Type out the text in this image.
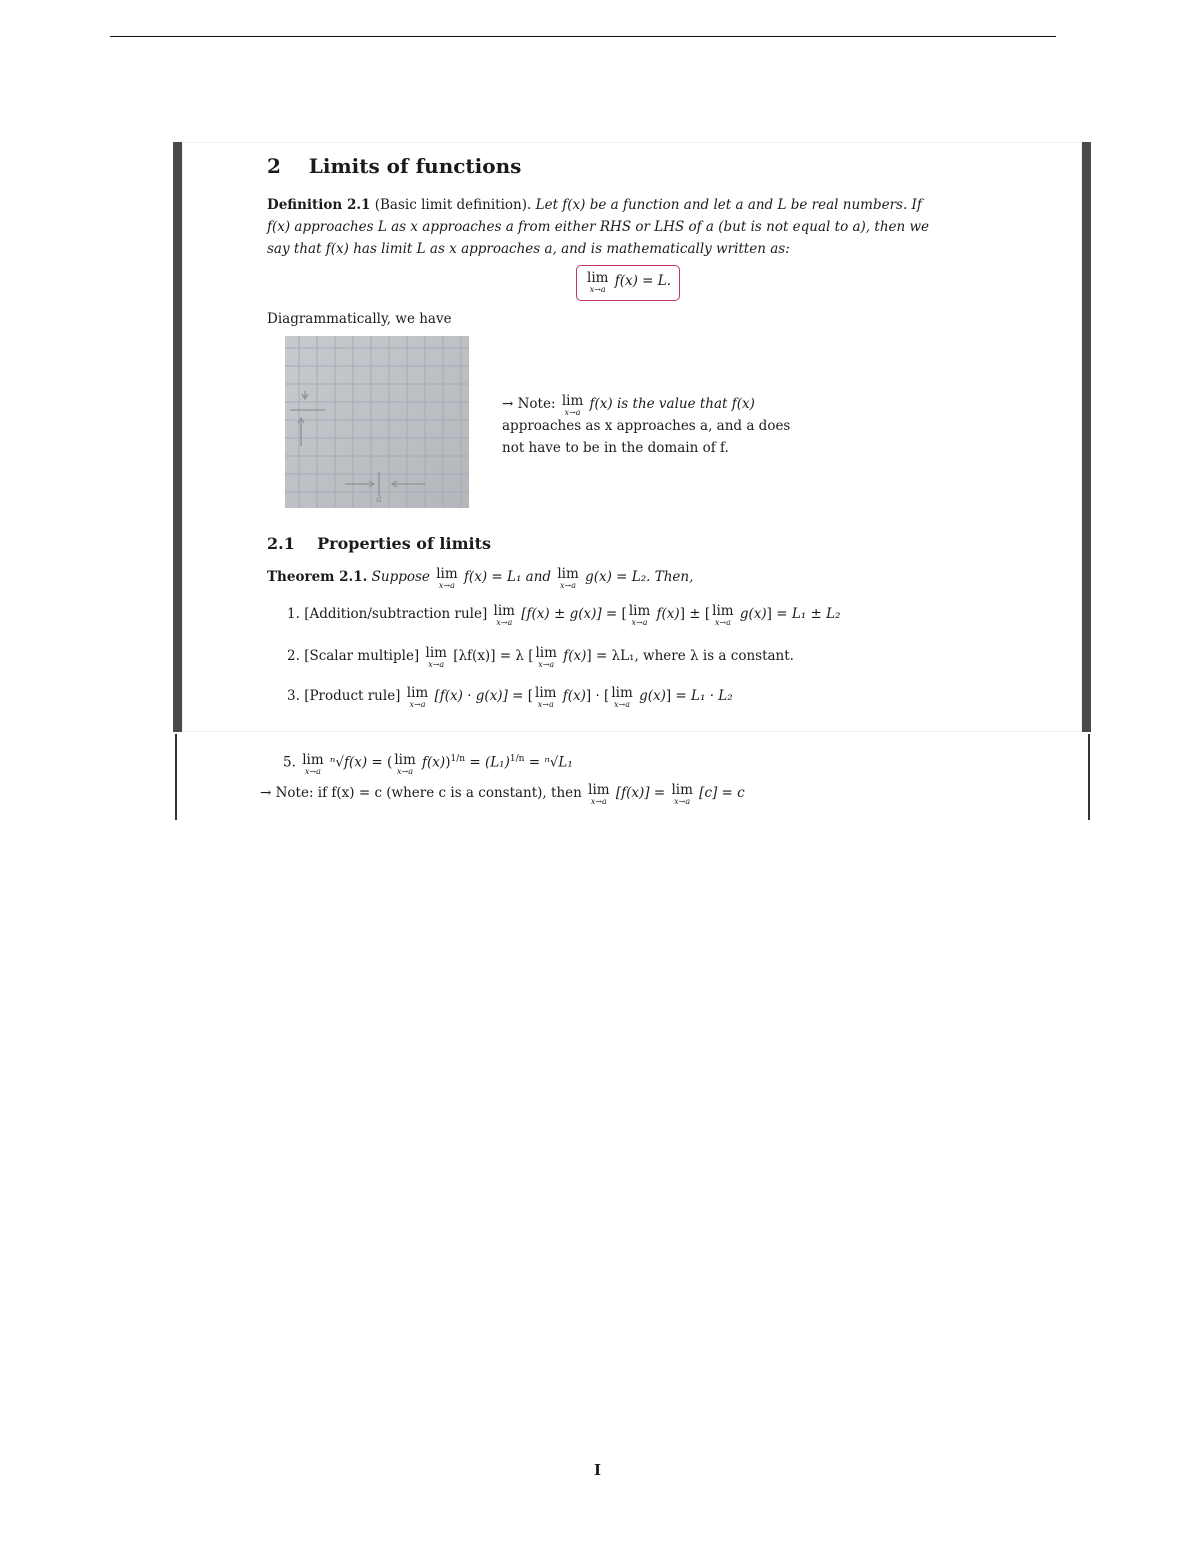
2 Limits of functions
Definition 2.1 (Basic limit definition). Let f(x) be a function and let a and L be real numbers. If
f(x) approaches L as x approaches a from either RHS or LHS of a (but is not equal to a), then we
say that f(x) has limit L as x approaches a, and is mathematically written as:
lim
x→a
f(x) = L.
Diagrammatically, we have
a
→ Note: lim
x→a
f(x) is the value that f(x)
approaches as x approaches a, and a does
not have to be in the domain of f.
2.1 Properties of limits
Theorem 2.1. Suppose lim
x→a
f(x) = L₁ and lim
x→a
g(x) = L₂. Then,
1. [Addition/subtraction rule] lim
x→a
[f(x) ± g(x)] = [ lim
x→a
f(x)] ± [ lim
x→a
g(x)] = L₁ ± L₂
2. [Scalar multiple] lim
x→a
[λf(x)] = λ [ lim
x→a
f(x)] = λL₁, where λ is a constant.
3. [Product rule] lim
x→a
[f(x) · g(x)] = [ lim
x→a
f(x)] · [ lim
x→a
g(x)] = L₁ · L₂
5. lim
x→a
ⁿ√f(x) = ( lim
x→a
$f(x))^{1/n} = (L_1)^{1/n} = ^n√L_1$
→ Note: if f(x) = c (where c is a constant), then lim
x→a
[f(x)] = lim
x→a
[c] = c
I
